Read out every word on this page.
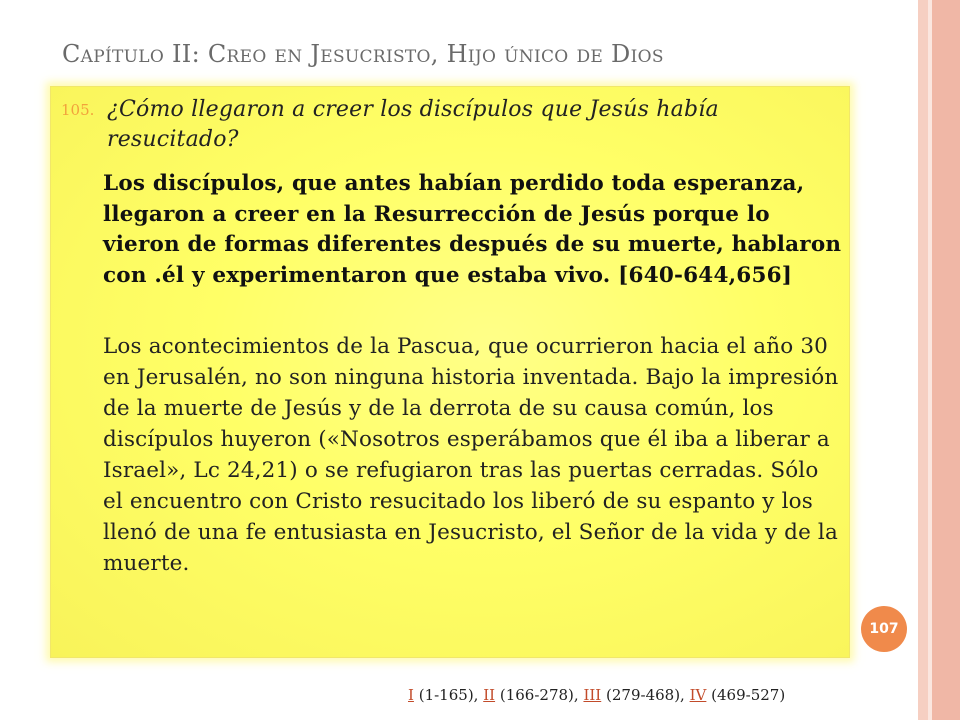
Capítulo II: Creo en Jesucristo, Hijo único de Dios
105. ¿Cómo llegaron a creer los discípulos que Jesús había resucitado?

Los discípulos, que antes habían perdido toda esperanza, llegaron a creer en la Resurrección de Jesús porque lo vieron de formas diferentes después de su muerte, hablaron con .él y experimentaron que estaba vivo. [640-644,656]

Los acontecimientos de la Pascua, que ocurrieron hacia el año 30 en Jerusalén, no son ninguna historia inventada. Bajo la impresión de la muerte de Jesús y de la derrota de su causa común, los discípulos huyeron («Nosotros esperábamos que él iba a liberar a Israel», Lc 24,21) o se refugiaron tras las puertas cerradas. Sólo el encuentro con Cristo resucitado los liberó de su espanto y los llenó de una fe entusiasta en Jesucristo, el Señor de la vida y de la muerte.

107
I (1-165), II (166-278), III (279-468), IV (469-527)
